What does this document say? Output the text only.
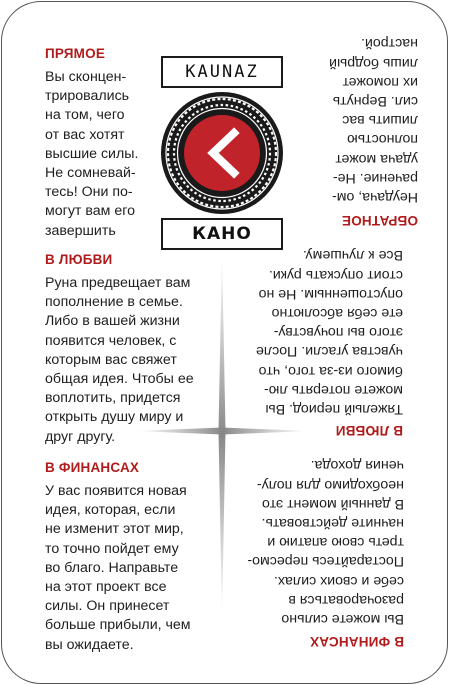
ПРЯМОЕ

Вы сконцен-
трировались
на том, чего
от вас хотят
высшие силы.
Не сомневай-
тесь! Они по-
могут вам его
завершить

ОБРАТНОЕ

Неудача, ом-
рачение. Не-
удача может
полностью
лишить вас
сил. Вернуть
их поможет
лишь бодрый
настрой.

KAUNAZ
КАНО
В ЛЮБВИ

Руна предвещает вам
пополнение в семье.
Либо в вашей жизни
появится человек, с
которым вас свяжет
общая идея. Чтобы ее
воплотить, придется
открыть душу миру и
друг другу.	В ЛЮБВИ

Тяжелый период. Вы
можете потерять лю-
бимого из-за того, что
чувства угасли. После
этого вы почувству-
ете себя абсолютно
опустошенным. Не но
стоит опускать руки.
Все к лучшему.

В ФИНАНСАХ

У вас появится новая
идея, которая, если
не изменит этот мир,
то точно пойдет ему
во благо. Направьте
на этот проект все
силы. Он принесет
больше прибыли, чем
вы ожидаете.	В ФИНАНСАХ

Вы можете сильно
разочароваться в
себе и своих силах.
Постарайтесь пересмо-
треть свою апатию и
начните действовать.
В данный момент это
необходимо для полу-
чения дохода.
